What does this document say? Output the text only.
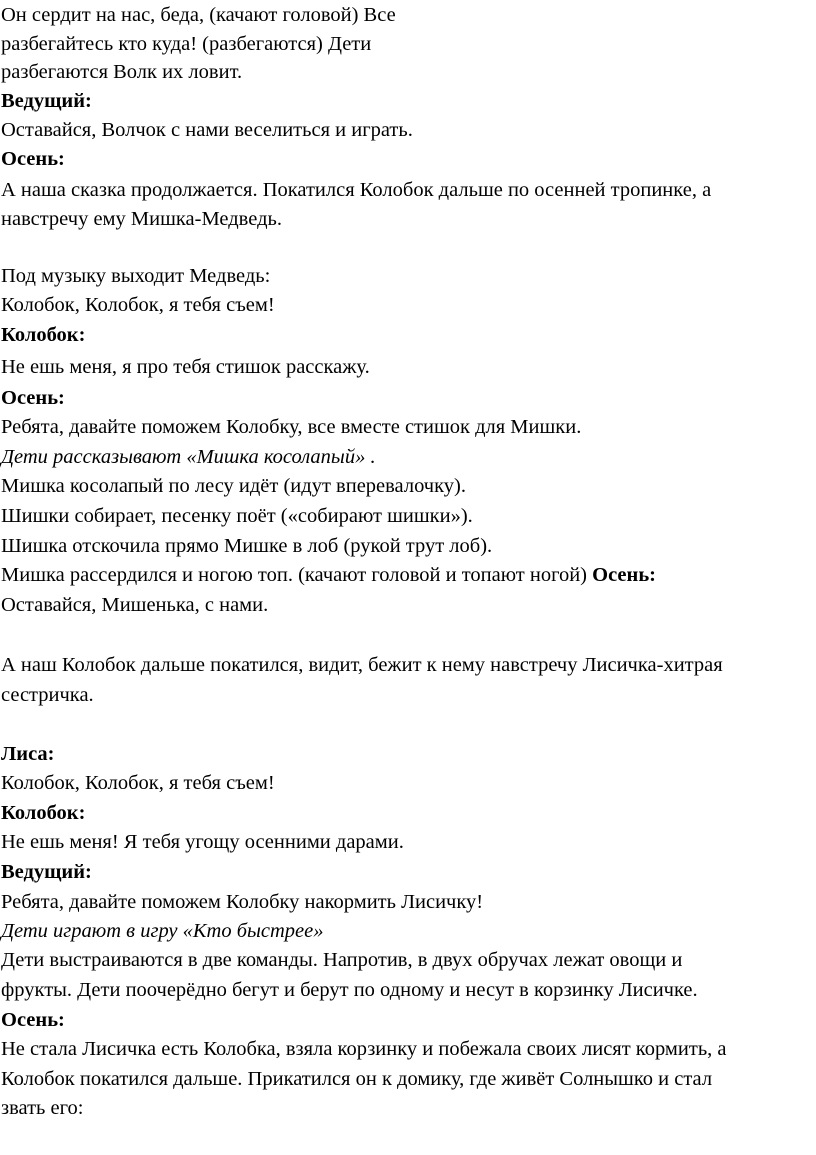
Он сердит на нас, беда, (качают головой) Все
разбегайтесь кто куда! (разбегаются) Дети
разбегаются Волк их ловит.
Ведущий:
Оставайся, Волчок с нами веселиться и играть.
Осень:
А наша сказка продолжается. Покатился Колобок дальше по осенней тропинке, а
навстречу ему Мишка-Медведь.
Под музыку выходит Медведь:
Колобок, Колобок, я тебя съем!
Колобок:
Не ешь меня, я про тебя стишок расскажу.
Осень:
Ребята, давайте поможем Колобку, все вместе стишок для Мишки.
Дети рассказывают «Мишка косолапый» .
Мишка косолапый по лесу идёт (идут вперевалочку).
Шишки собирает, песенку поёт («собирают шишки»).
Шишка отскочила прямо Мишке в лоб (рукой трут лоб).
Мишка рассердился и ногою топ. (качают головой и топают ногой) Осень:
Оставайся, Мишенька, с нами.
А наш Колобок дальше покатился, видит, бежит к нему навстречу Лисичка-хитрая
сестричка.
Лиса:
Колобок, Колобок, я тебя съем!
Колобок:
Не ешь меня! Я тебя угощу осенними дарами.
Ведущий:
Ребята, давайте поможем Колобку накормить Лисичку!
Дети играют в игру «Кто быстрее»
Дети выстраиваются в две команды. Напротив, в двух обручах лежат овощи и
фрукты. Дети поочерёдно бегут и берут по одному и несут в корзинку Лисичке.
Осень:
Не стала Лисичка есть Колобка, взяла корзинку и побежала своих лисят кормить, а
Колобок покатился дальше. Прикатился он к домику, где живёт Солнышко и стал
звать его:
